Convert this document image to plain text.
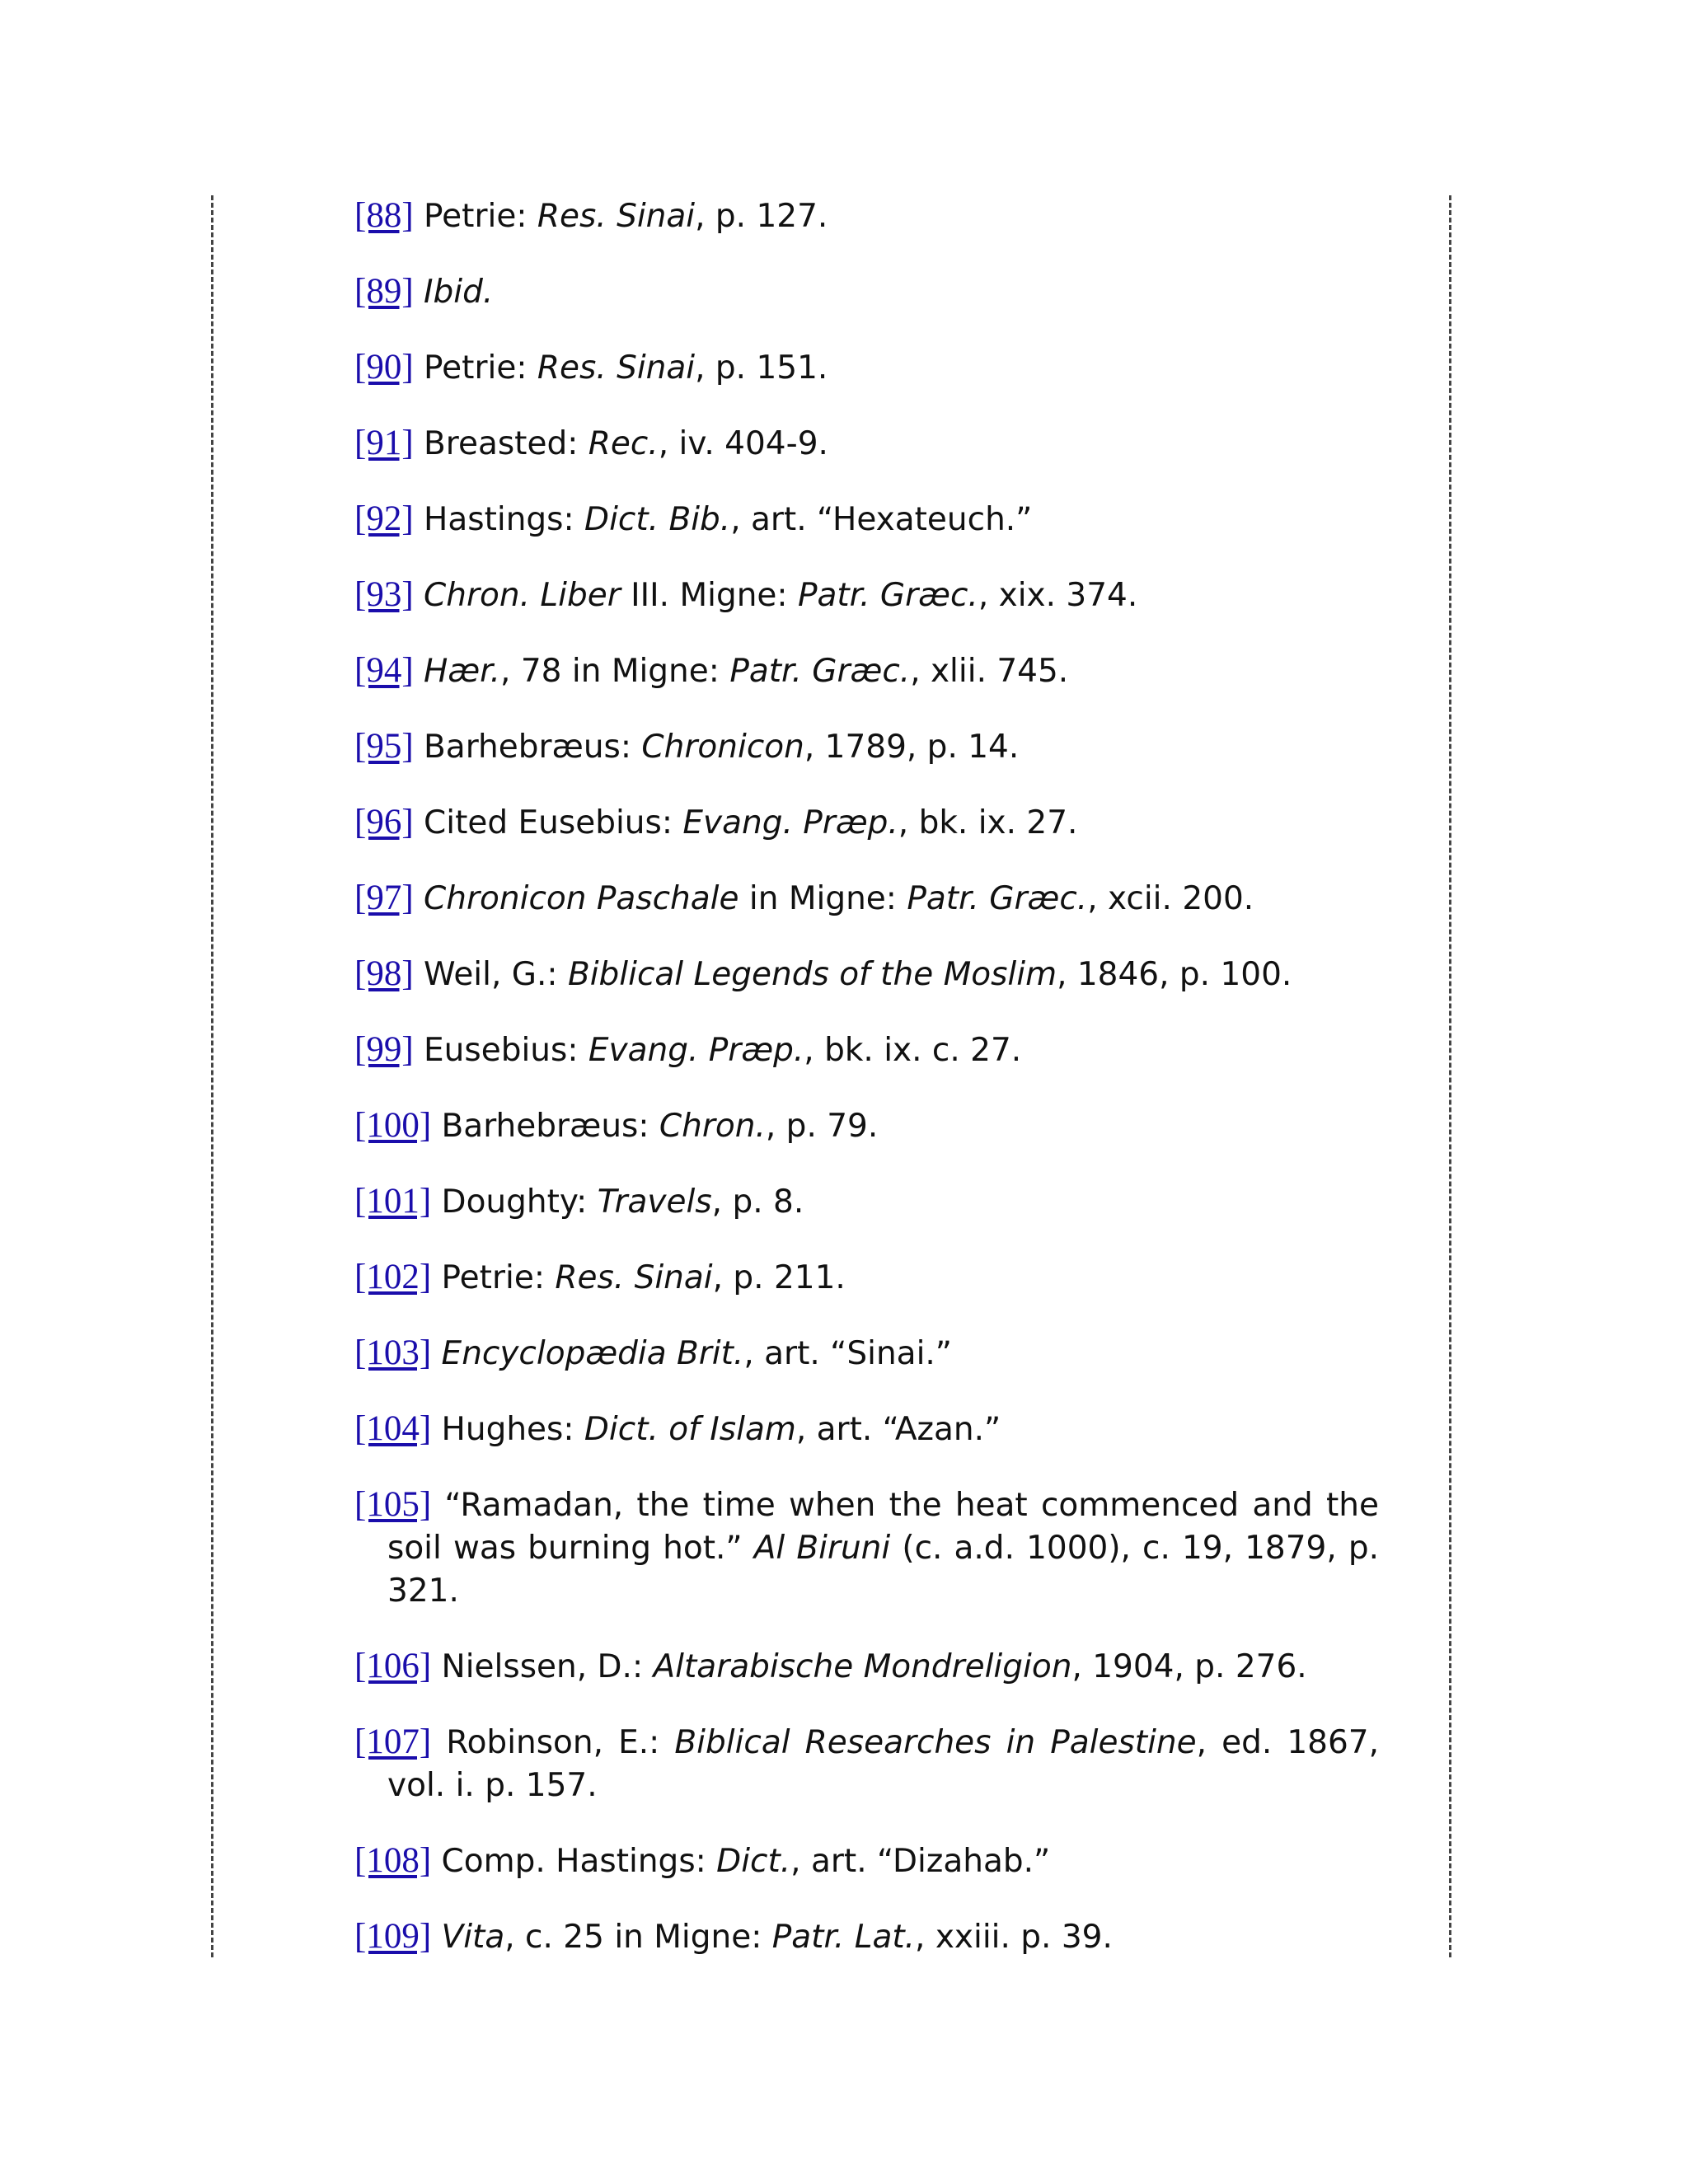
[88] Petrie: Res. Sinai, p. 127.
[89] Ibid.
[90] Petrie: Res. Sinai, p. 151.
[91] Breasted: Rec., iv. 404-9.
[92] Hastings: Dict. Bib., art. “Hexateuch.”
[93] Chron. Liber III. Migne: Patr. Græc., xix. 374.
[94] Hær., 78 in Migne: Patr. Græc., xlii. 745.
[95] Barhebræus: Chronicon, 1789, p. 14.
[96] Cited Eusebius: Evang. Præp., bk. ix. 27.
[97] Chronicon Paschale in Migne: Patr. Græc., xcii. 200.
[98] Weil, G.: Biblical Legends of the Moslim, 1846, p. 100.
[99] Eusebius: Evang. Præp., bk. ix. c. 27.
[100] Barhebræus: Chron., p. 79.
[101] Doughty: Travels, p. 8.
[102] Petrie: Res. Sinai, p. 211.
[103] Encyclopædia Brit., art. “Sinai.”
[104] Hughes: Dict. of Islam, art. “Azan.”
[105] “Ramadan, the time when the heat commenced and the soil was burning hot.” Al Biruni (c. a.d. 1000), c. 19, 1879, p. 321.
[106] Nielssen, D.: Altarabische Mondreligion, 1904, p. 276.
[107] Robinson, E.: Biblical Researches in Palestine, ed. 1867, vol. i. p. 157.
[108] Comp. Hastings: Dict., art. “Dizahab.”
[109] Vita, c. 25 in Migne: Patr. Lat., xxiii. p. 39.
